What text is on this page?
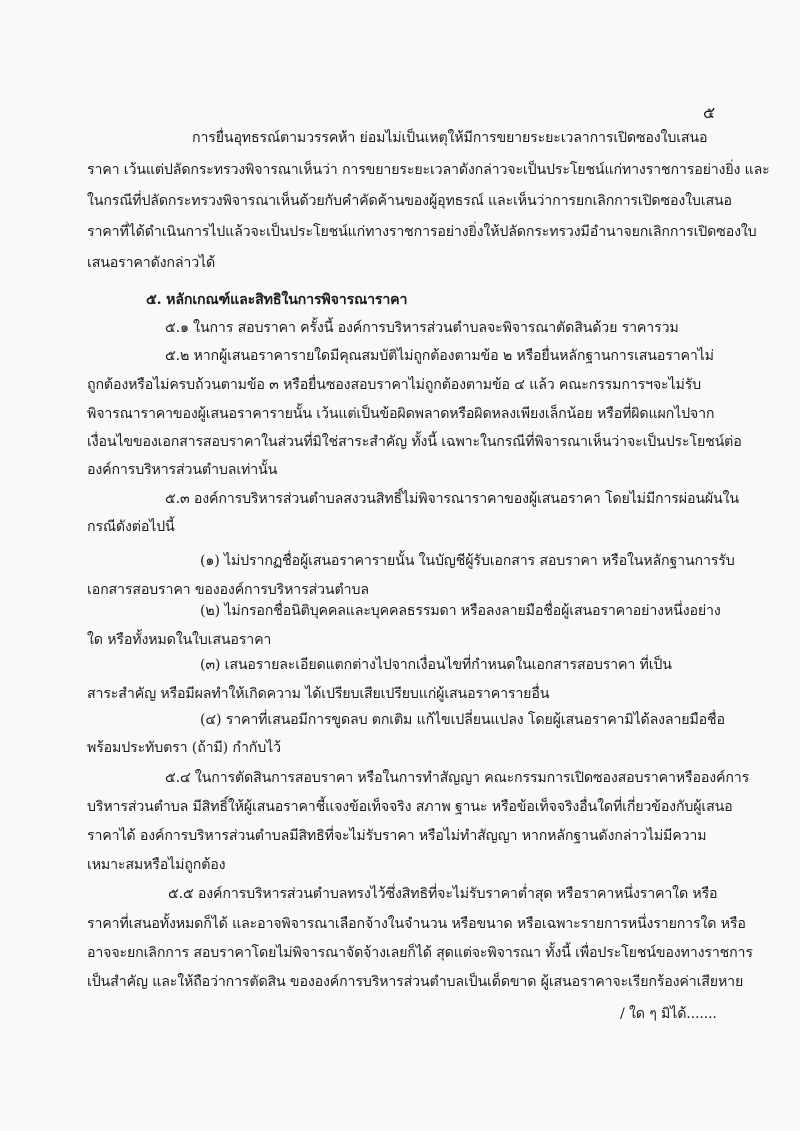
๕
การยื่นอุทธรณ์ตามวรรคห้า ย่อมไม่เป็นเหตุให้มีการขยายระยะเวลาการเปิดซองใบเสนอ
ราคา เว้นแต่ปลัดกระทรวงพิจารณาเห็นว่า การขยายระยะเวลาดังกล่าวจะเป็นประโยชน์แก่ทางราชการอย่างยิ่ง และ
ในกรณีที่ปลัดกระทรวงพิจารณาเห็นด้วยกับคำคัดค้านของผู้อุทธรณ์ และเห็นว่าการยกเลิกการเปิดซองใบเสนอ
ราคาที่ได้ดำเนินการไปแล้วจะเป็นประโยชน์แก่ทางราชการอย่างยิ่งให้ปลัดกระทรวงมีอำนาจยกเลิกการเปิดซองใบ
เสนอราคาดังกล่าวได้
๕. หลักเกณฑ์และสิทธิในการพิจารณาราคา
๕.๑ ในการ สอบราคา ครั้งนี้ องค์การบริหารส่วนตำบลจะพิจารณาตัดสินด้วย ราคารวม
๕.๒ หากผู้เสนอราคารายใดมีคุณสมบัติไม่ถูกต้องตามข้อ ๒ หรือยื่นหลักฐานการเสนอราคาไม่
ถูกต้องหรือไม่ครบถ้วนตามข้อ ๓ หรือยื่นซองสอบราคาไม่ถูกต้องตามข้อ ๔ แล้ว คณะกรรมการฯจะไม่รับ
พิจารณาราคาของผู้เสนอราคารายนั้น เว้นแต่เป็นข้อผิดพลาดหรือผิดหลงเพียงเล็กน้อย หรือที่ผิดแผกไปจาก
เงื่อนไขของเอกสารสอบราคาในส่วนที่มิใช่สาระสำคัญ ทั้งนี้ เฉพาะในกรณีที่พิจารณาเห็นว่าจะเป็นประโยชน์ต่อ
องค์การบริหารส่วนตำบลเท่านั้น
๕.๓ องค์การบริหารส่วนตำบลสงวนสิทธิ์ไม่พิจารณาราคาของผู้เสนอราคา โดยไม่มีการผ่อนผันใน
กรณีดังต่อไปนี้
(๑) ไม่ปรากฏชื่อผู้เสนอราคารายนั้น ในบัญชีผู้รับเอกสาร สอบราคา หรือในหลักฐานการรับ
เอกสารสอบราคา ขององค์การบริหารส่วนตำบล
(๒) ไม่กรอกชื่อนิติบุคคลและบุคคลธรรมดา หรือลงลายมือชื่อผู้เสนอราคาอย่างหนึ่งอย่าง
ใด หรือทั้งหมดในใบเสนอราคา
(๓) เสนอรายละเอียดแตกต่างไปจากเงื่อนไขที่กำหนดในเอกสารสอบราคา ที่เป็น
สาระสำคัญ หรือมีผลทำให้เกิดความ ได้เปรียบเสียเปรียบแก่ผู้เสนอราคารายอื่น
(๔) ราคาที่เสนอมีการขูดลบ ตกเติม แก้ไขเปลี่ยนแปลง โดยผู้เสนอราคามิได้ลงลายมือชื่อ
พร้อมประทับตรา (ถ้ามี) กำกับไว้
๕.๔ ในการตัดสินการสอบราคา หรือในการทำสัญญา คณะกรรมการเปิดซองสอบราคาหรือองค์การ
บริหารส่วนตำบล มีสิทธิ์ให้ผู้เสนอราคาชี้แจงข้อเท็จจริง สภาพ ฐานะ หรือข้อเท็จจริงอื่นใดที่เกี่ยวข้องกับผู้เสนอ
ราคาได้ องค์การบริหารส่วนตำบลมีสิทธิที่จะไม่รับราคา หรือไม่ทำสัญญา หากหลักฐานดังกล่าวไม่มีความ
เหมาะสมหรือไม่ถูกต้อง
๕.๕ องค์การบริหารส่วนตำบลทรงไว้ซึ่งสิทธิที่จะไม่รับราคาต่ำสุด หรือราคาหนึ่งราคาใด หรือ
ราคาที่เสนอทั้งหมดก็ได้ และอาจพิจารณาเลือกจ้างในจำนวน หรือขนาด หรือเฉพาะรายการหนึ่งรายการใด หรือ
อาจจะยกเลิกการ สอบราคาโดยไม่พิจารณาจัดจ้างเลยก็ได้ สุดแต่จะพิจารณา ทั้งนี้ เพื่อประโยชน์ของทางราชการ
เป็นสำคัญ และให้ถือว่าการตัดสิน ขององค์การบริหารส่วนตำบลเป็นเด็ดขาด ผู้เสนอราคาจะเรียกร้องค่าเสียหาย
/ ใด ๆ มิได้.......
